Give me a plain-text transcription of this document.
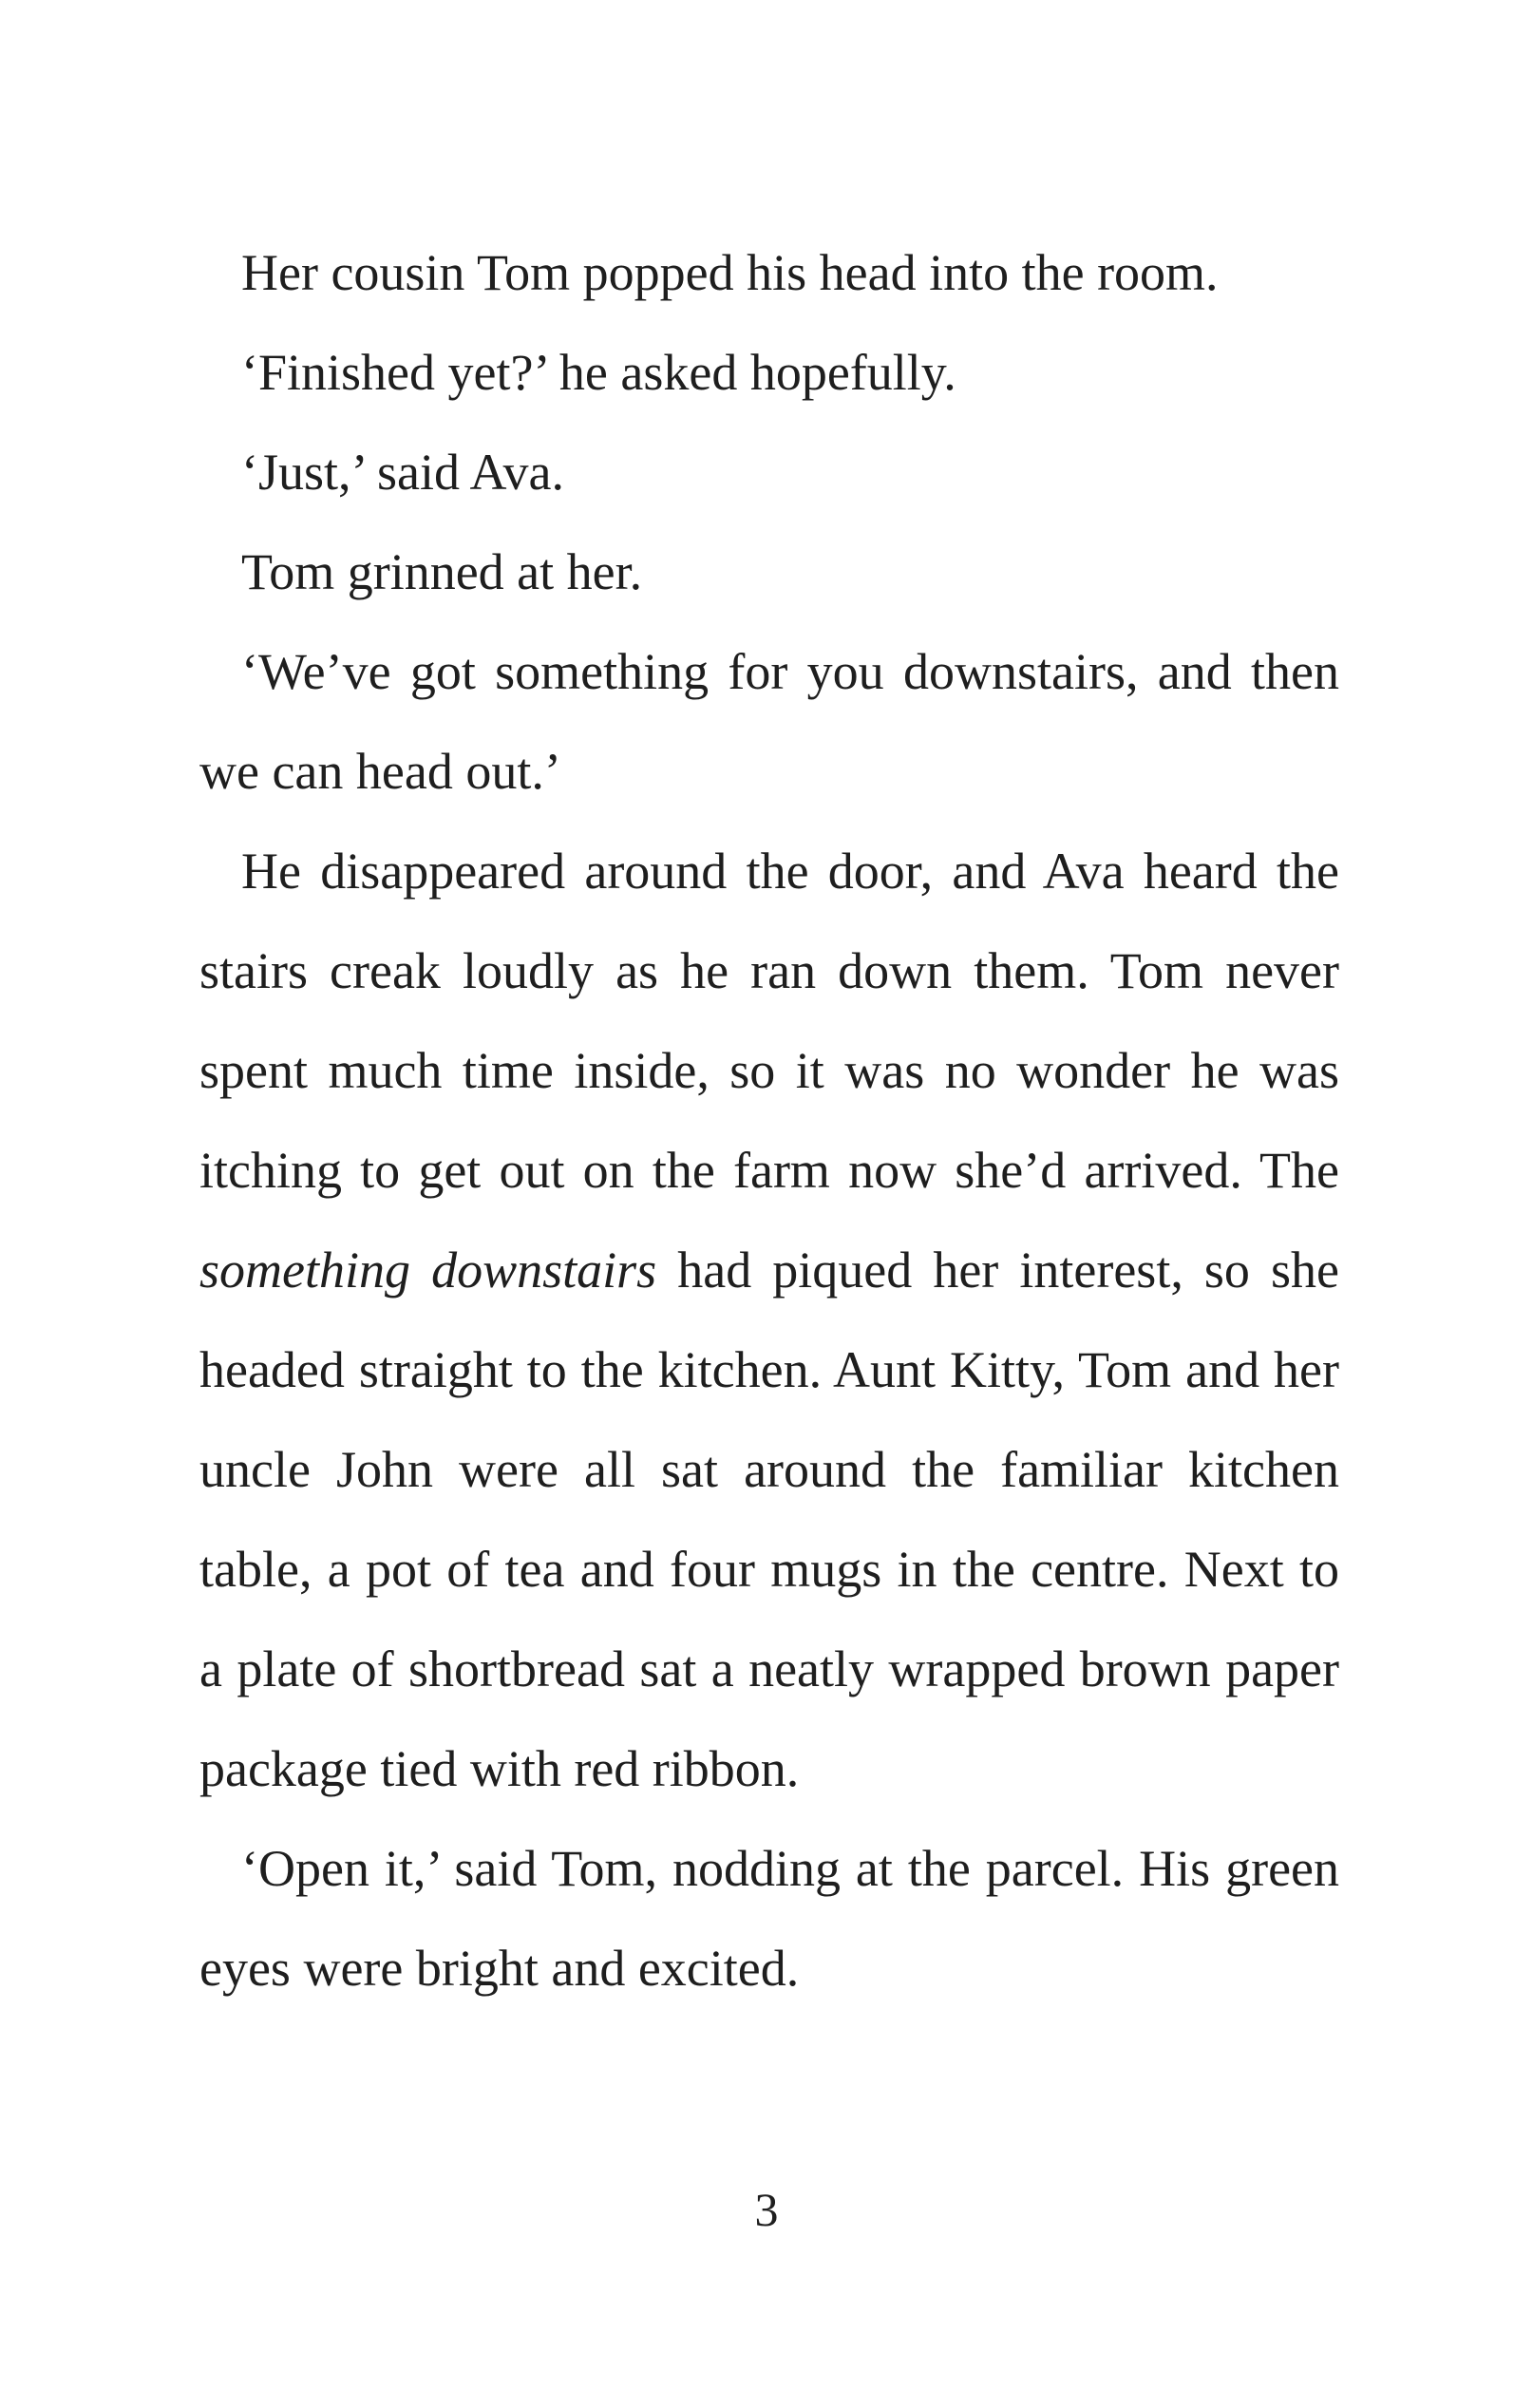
Her cousin Tom popped his head into the room.

‘Finished yet?’ he asked hopefully.

‘Just,’ said Ava.

Tom grinned at her.

‘We’ve got something for you downstairs, and then we can head out.’

He disappeared around the door, and Ava heard the stairs creak loudly as he ran down them. Tom never spent much time inside, so it was no wonder he was itching to get out on the farm now she’d arrived. The something downstairs had piqued her interest, so she headed straight to the kitchen. Aunt Kitty, Tom and her uncle John were all sat around the familiar kitchen table, a pot of tea and four mugs in the centre. Next to a plate of shortbread sat a neatly wrapped brown paper package tied with red ribbon.

‘Open it,’ said Tom, nodding at the parcel. His green eyes were bright and excited.

3
